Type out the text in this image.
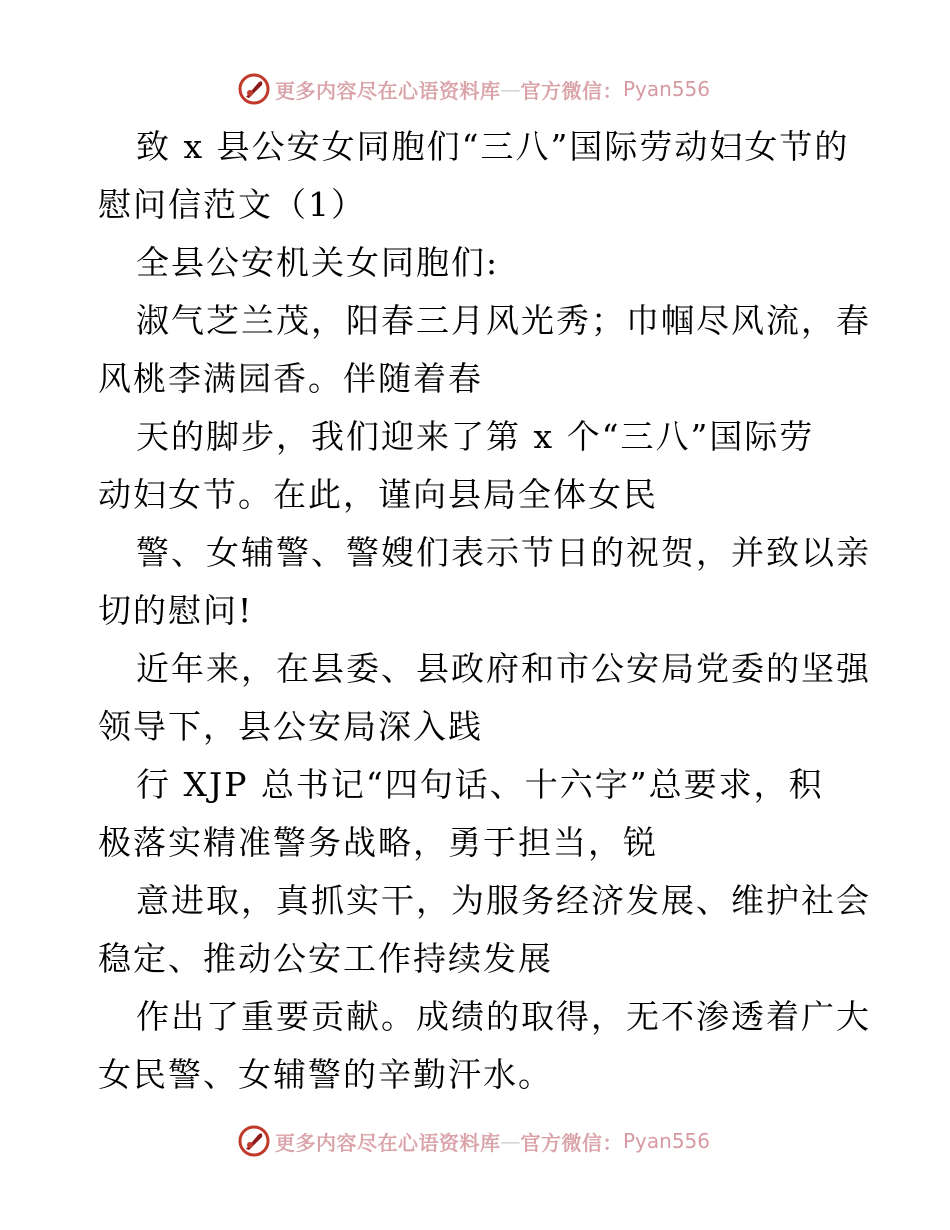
更多内容尽在心语资料库 — 官方微信： Pyan556

致 x 县公安女同胞们“三八”国际劳动妇女节的

慰问信范文（1）

全县公安机关女同胞们:

淑气芝兰茂，阳春三月风光秀；巾帼尽风流，春

风桃李满园香。伴随着春

天的脚步，我们迎来了第 x 个“三八”国际劳

动妇女节。在此，谨向县局全体女民

警、女辅警、警嫂们表示节日的祝贺，并致以亲

切的慰问!

近年来，在县委、县政府和市公安局党委的坚强

领导下，县公安局深入践

行 XJP 总书记“四句话、十六字”总要求，积

极落实精准警务战略，勇于担当，锐

意进取，真抓实干，为服务经济发展、维护社会

稳定、推动公安工作持续发展

作出了重要贡献。成绩的取得，无不渗透着广大

女民警、女辅警的辛勤汗水。

更多内容尽在心语资料库 — 官方微信： Pyan556
